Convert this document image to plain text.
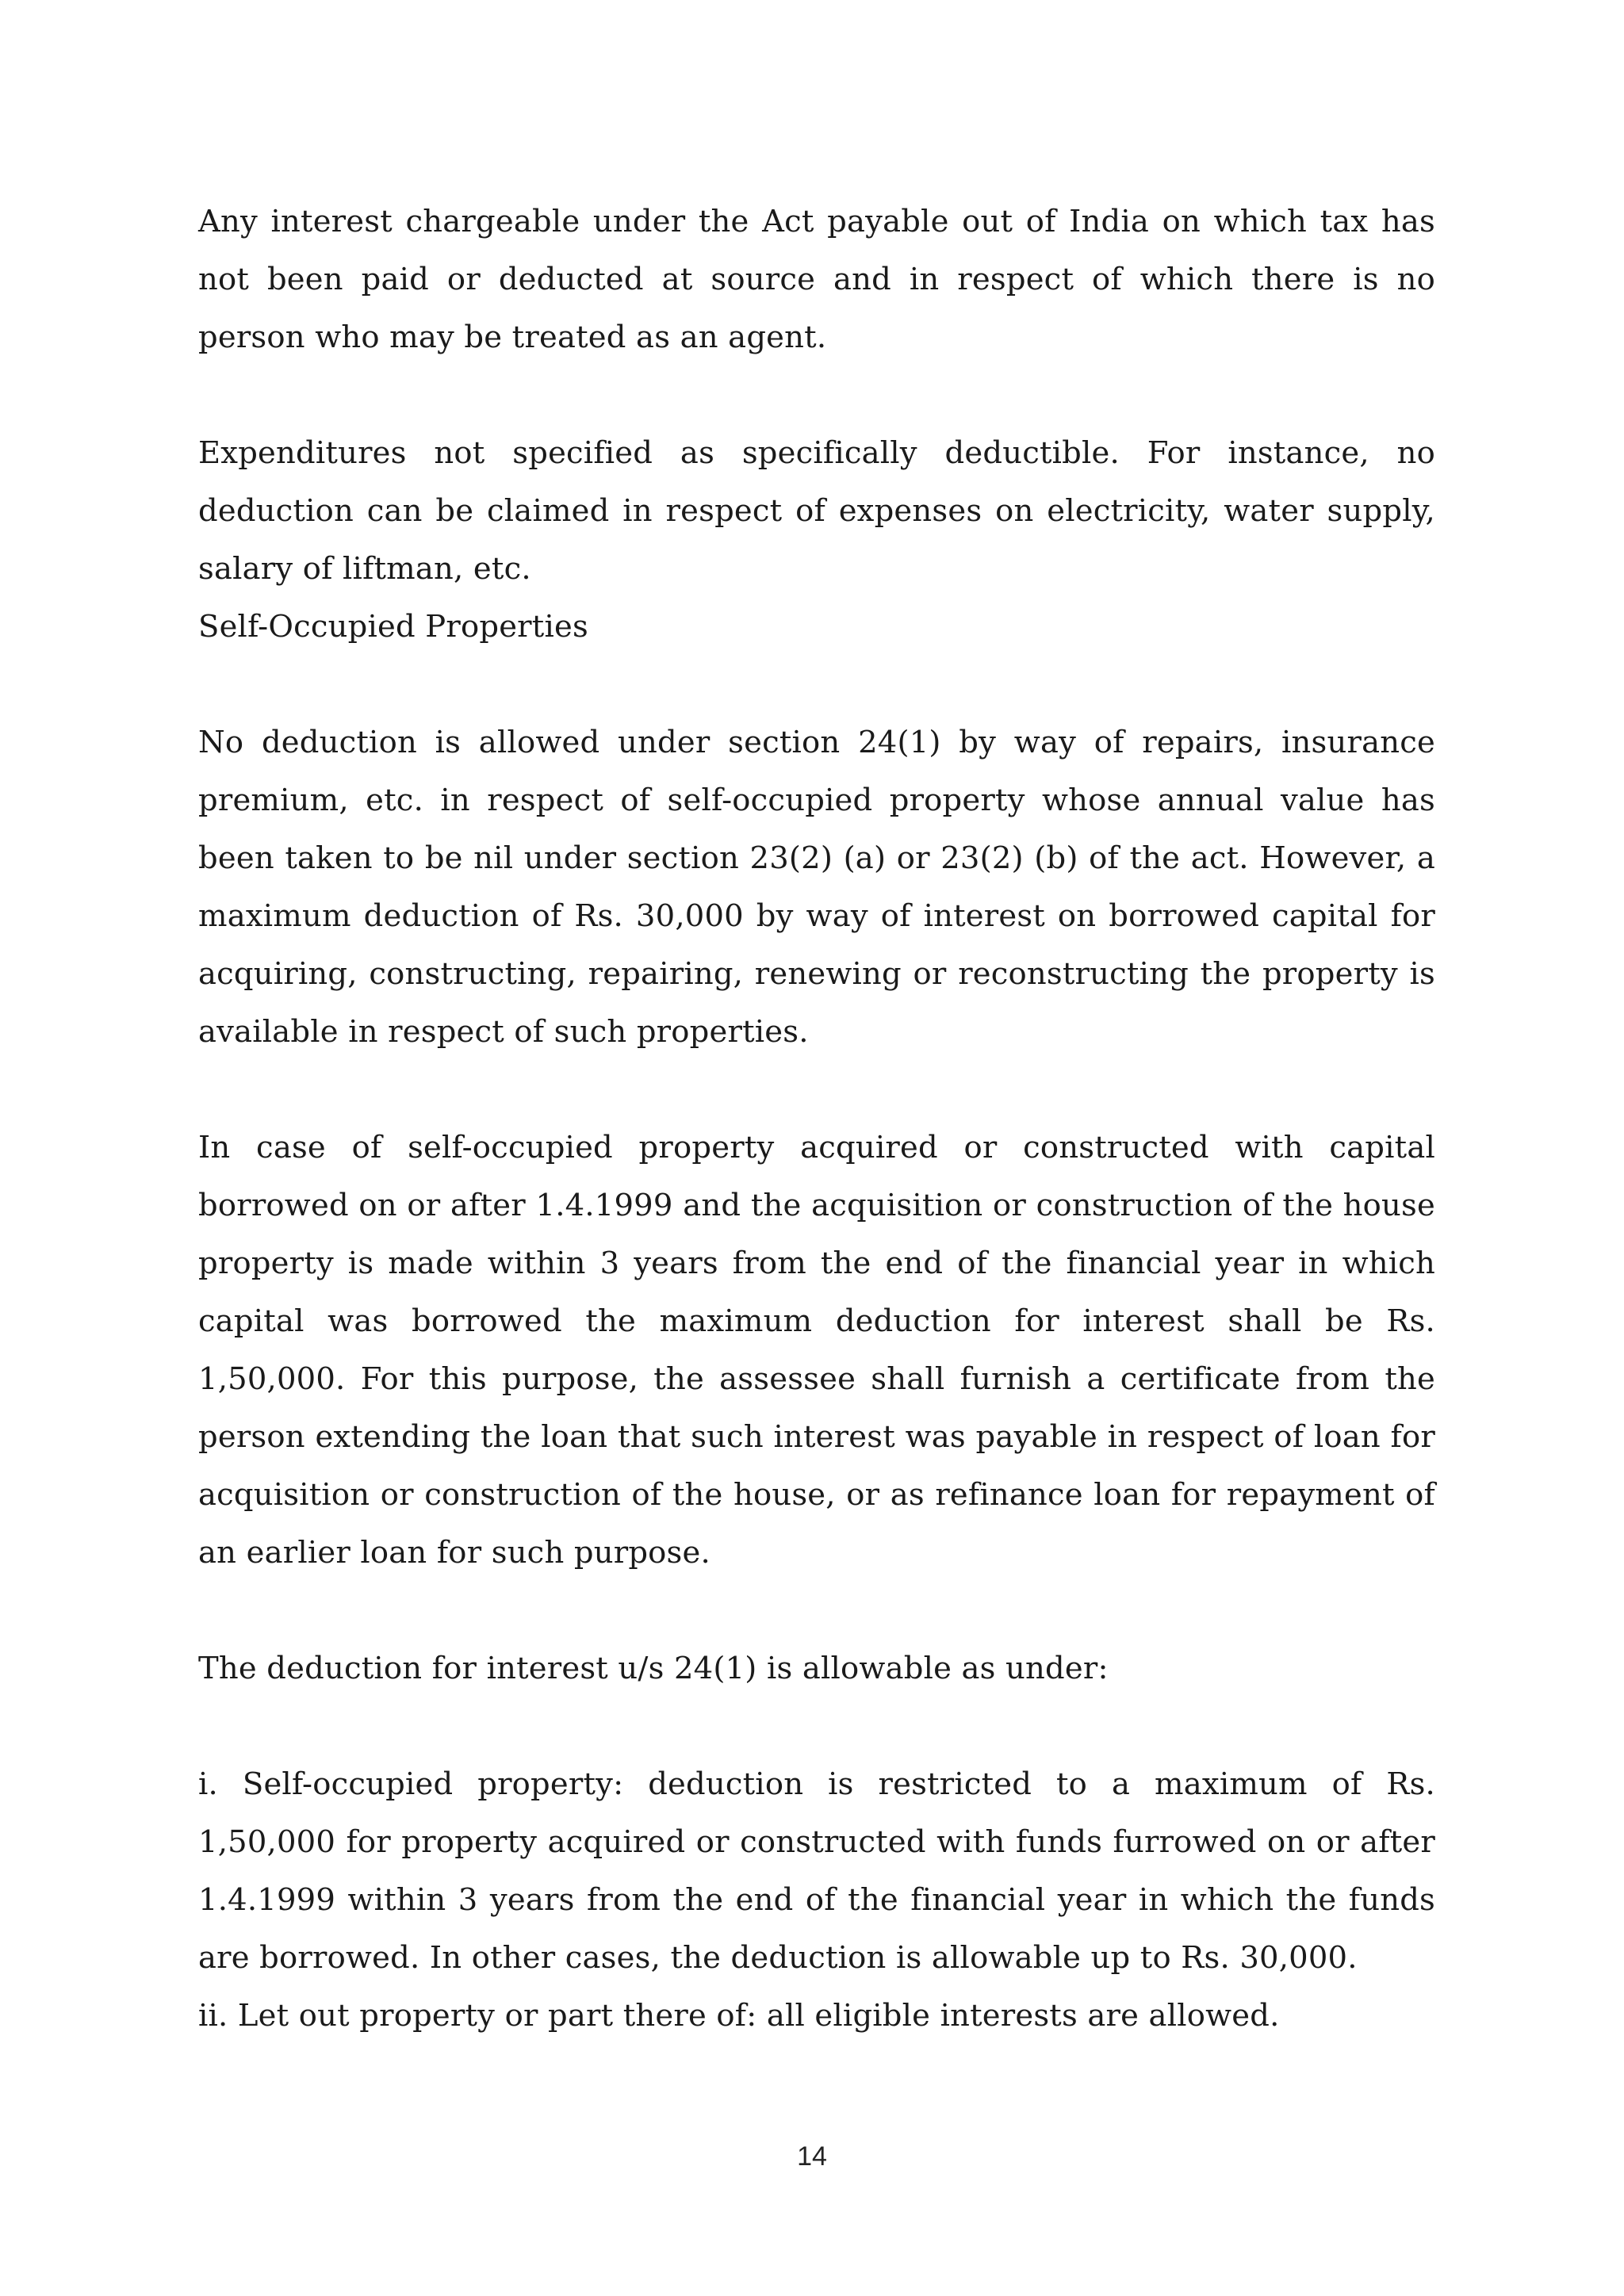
Any interest chargeable under the Act payable out of India on which tax has not been paid or deducted at source and in respect of which there is no person who may be treated as an agent.

Expenditures not specified as specifically deductible. For instance, no deduction can be claimed in respect of expenses on electricity, water supply, salary of liftman, etc.

Self-Occupied Properties

No deduction is allowed under section 24(1) by way of repairs, insurance premium, etc. in respect of self-occupied property whose annual value has been taken to be nil under section 23(2) (a) or 23(2) (b) of the act. However, a maximum deduction of Rs. 30,000 by way of interest on borrowed capital for acquiring, constructing, repairing, renewing or reconstructing the property is available in respect of such properties.

In case of self-occupied property acquired or constructed with capital borrowed on or after 1.4.1999 and the acquisition or construction of the house property is made within 3 years from the end of the financial year in which capital was borrowed the maximum deduction for interest shall be Rs. 1,50,000. For this purpose, the assessee shall furnish a certificate from the person extending the loan that such interest was payable in respect of loan for acquisition or construction of the house, or as refinance loan for repayment of an earlier loan for such purpose.

The deduction for interest u/s 24(1) is allowable as under:

i. Self-occupied property: deduction is restricted to a maximum of Rs. 1,50,000 for property acquired or constructed with funds furrowed on or after 1.4.1999 within 3 years from the end of the financial year in which the funds are borrowed. In other cases, the deduction is allowable up to Rs. 30,000.

ii. Let out property or part there of: all eligible interests are allowed.

14
